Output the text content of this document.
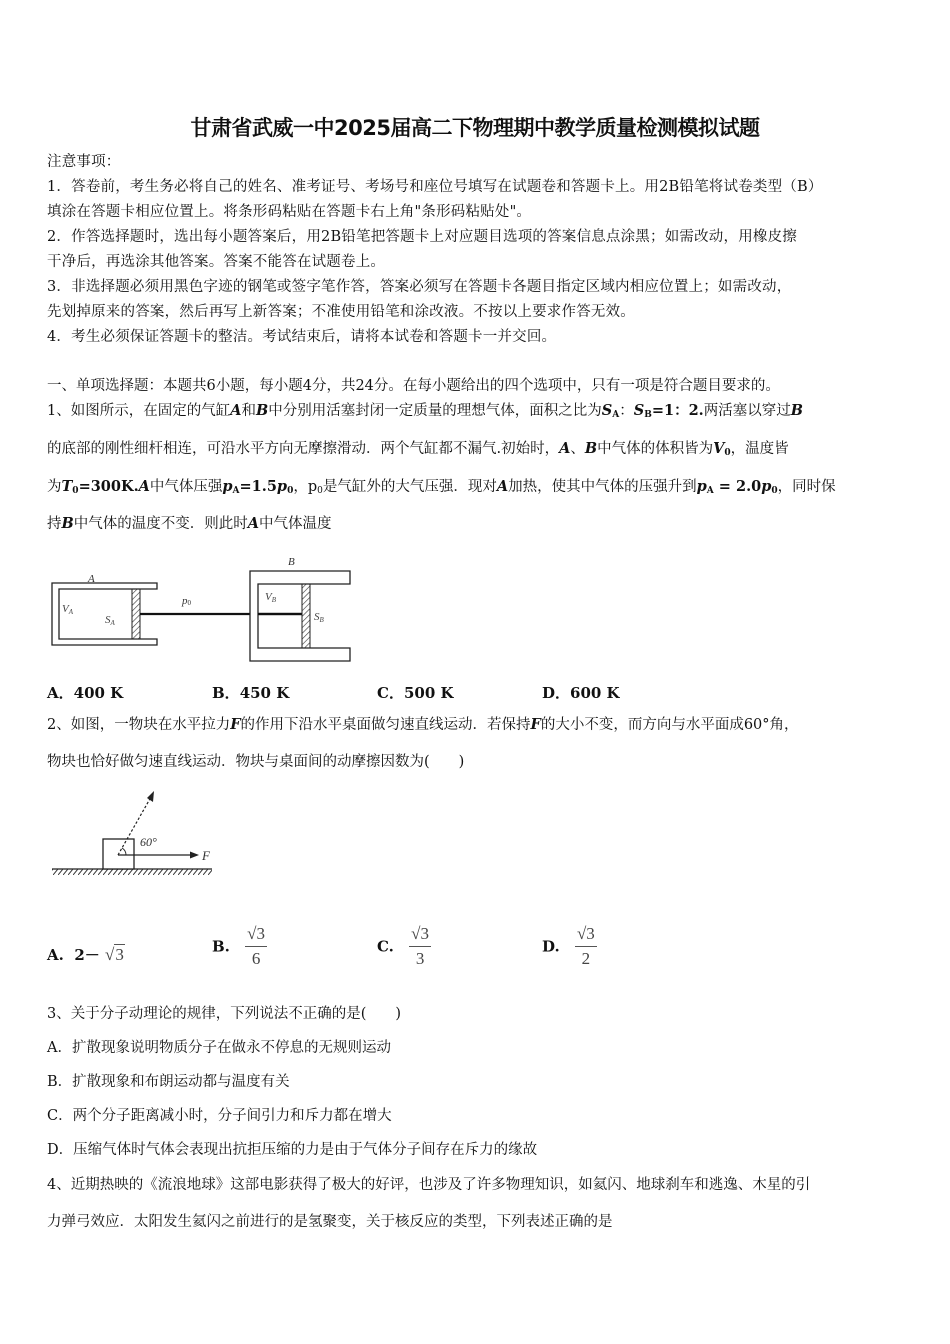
甘肃省武威一中2025届高二下物理期中教学质量检测模拟试题
注意事项：
1．答卷前，考生务必将自己的姓名、准考证号、考场号和座位号填写在试题卷和答题卡上。用2B铅笔将试卷类型（B）
填涂在答题卡相应位置上。将条形码粘贴在答题卡右上角"条形码粘贴处"。
2．作答选择题时，选出每小题答案后，用2B铅笔把答题卡上对应题目选项的答案信息点涂黑；如需改动，用橡皮擦
干净后，再选涂其他答案。答案不能答在试题卷上。
3．非选择题必须用黑色字迹的钢笔或签字笔作答，答案必须写在答题卡各题目指定区域内相应位置上；如需改动，
先划掉原来的答案，然后再写上新答案；不准使用铅笔和涂改液。不按以上要求作答无效。
4．考生必须保证答题卡的整洁。考试结束后，请将本试卷和答题卡一并交回。
一、单项选择题：本题共6小题，每小题4分，共24分。在每小题给出的四个选项中，只有一项是符合题目要求的。
1、如图所示，在固定的气缸A和B中分别用活塞封闭一定质量的理想气体，面积之比为$S_A$：$S_B=1$：2.两活塞以穿过B
的底部的刚性细杆相连，可沿水平方向无摩擦滑动．两个气缸都不漏气.初始时，A、B中气体的体积皆为$V_0$，温度皆
为$T_0=300K.A$中气体压强$p_A=1.5p_0$，$p_0$是气缸外的大气压强．现对A加热，使其中气体的压强升到$p_A = 2.0p_0$，同时保
持B中气体的温度不变．则此时A中气体温度
A
VA
SA
p0
B
VB
SB
A．400 K	B．450 K	C．500 K	D．600 K
2、如图，一物块在水平拉力F的作用下沿水平桌面做匀速直线运动．若保持F的大小不变，而方向与水平面成60°角，
物块也恰好做匀速直线运动．物块与桌面间的动摩擦因数为(　　)
60°
F
A. 2－ √3	B. $\frac{√3}{6}$	C. $\frac{√3}{3}$	D. $\frac{√3}{2}$
3、关于分子动理论的规律，下列说法不正确的是(　　)
A．扩散现象说明物质分子在做永不停息的无规则运动
B．扩散现象和布朗运动都与温度有关
C．两个分子距离减小时，分子间引力和斥力都在增大
D．压缩气体时气体会表现出抗拒压缩的力是由于气体分子间存在斥力的缘故
4、近期热映的《流浪地球》这部电影获得了极大的好评，也涉及了许多物理知识，如氦闪、地球刹车和逃逸、木星的引
力弹弓效应．太阳发生氦闪之前进行的是氢聚变，关于核反应的类型，下列表述正确的是
